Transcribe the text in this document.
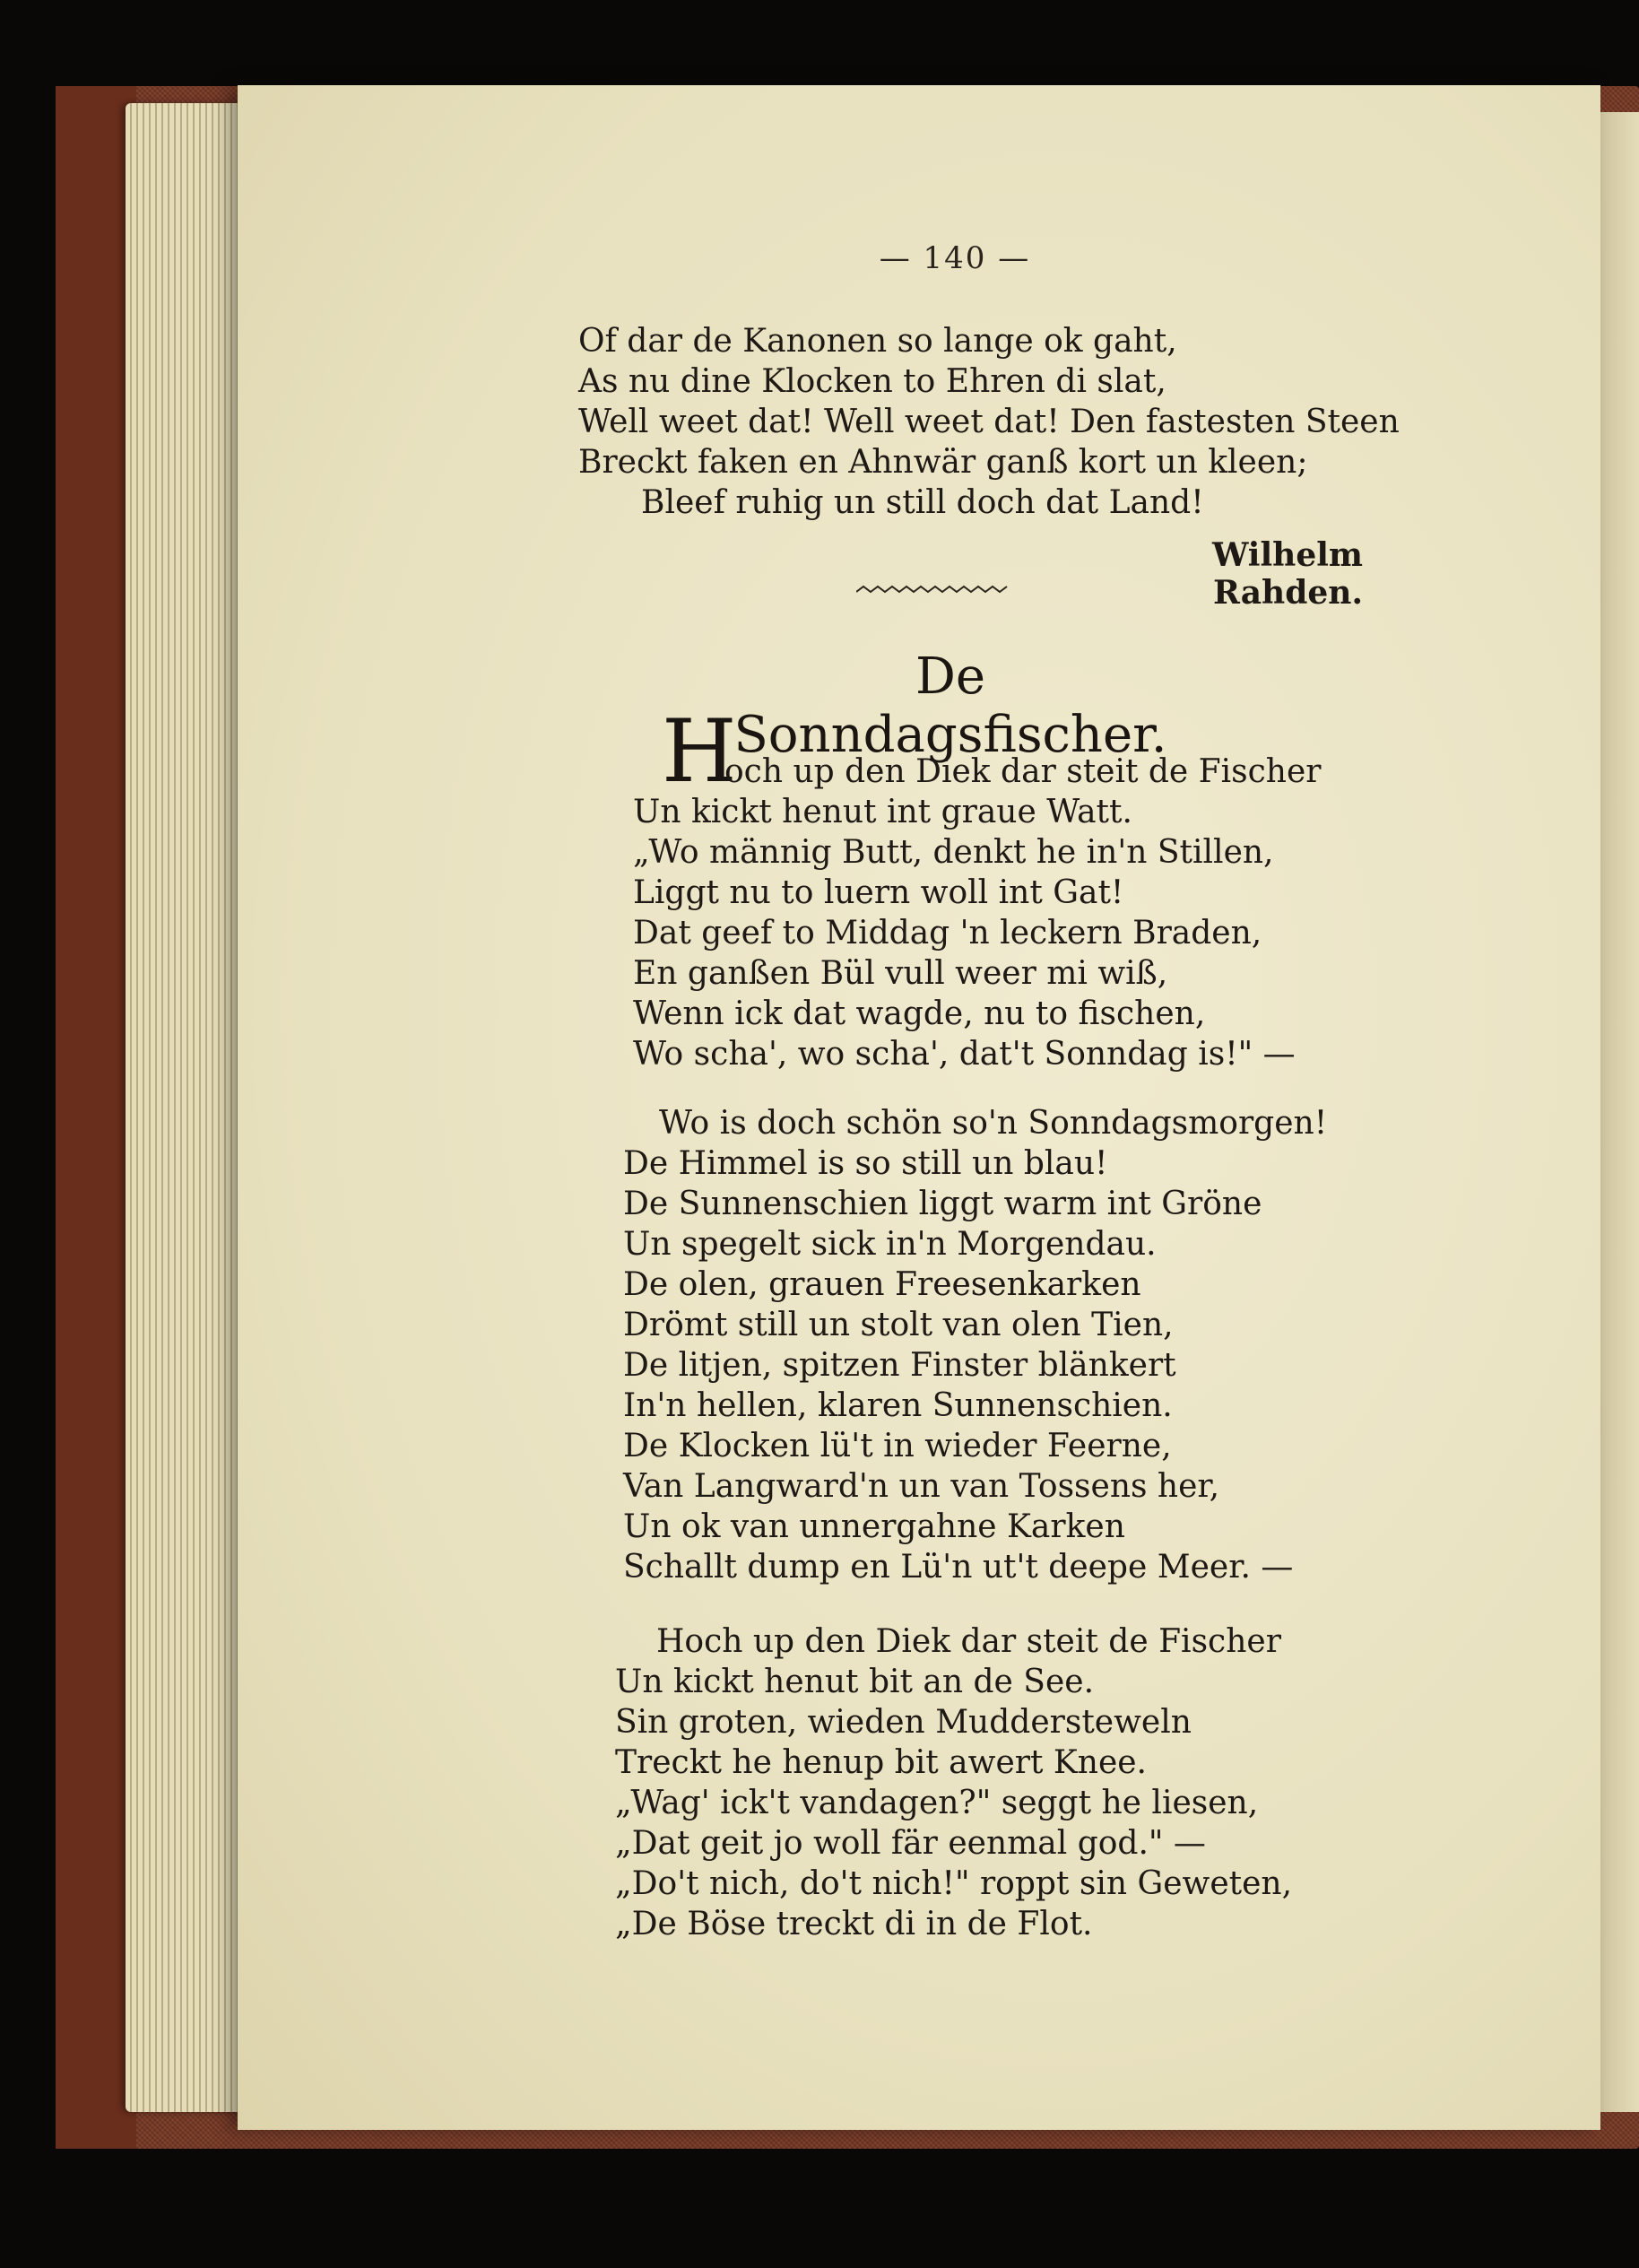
— 140 —
Of dar de Kanonen so lange ok gaht,
As nu dine Klocken to Ehren di slat,
Well weet dat! Well weet dat! Den fastesten Steen
Breckt faken en Ahnwär ganß kort un kleen;
Bleef ruhig un still doch dat Land!
Wilhelm Rahden.
De Sonndagsfischer.
H
och up den Diek dar steit de Fischer
Un kickt henut int graue Watt.
„Wo männig Butt, denkt he in'n Stillen,
Liggt nu to luern woll int Gat!
Dat geef to Middag 'n leckern Braden,
En ganßen Bül vull weer mi wiß,
Wenn ick dat wagde, nu to fischen,
Wo scha', wo scha', dat't Sonndag is!" —
Wo is doch schön so'n Sonndagsmorgen!
De Himmel is so still un blau!
De Sunnenschien liggt warm int Gröne
Un spegelt sick in'n Morgendau.
De olen, grauen Freesenkarken
Drömt still un stolt van olen Tien,
De litjen, spitzen Finster blänkert
In'n hellen, klaren Sunnenschien.
De Klocken lü't in wieder Feerne,
Van Langward'n un van Tossens her,
Un ok van unnergahne Karken
Schallt dump en Lü'n ut't deepe Meer. —
Hoch up den Diek dar steit de Fischer
Un kickt henut bit an de See.
Sin groten, wieden Muddersteweln
Treckt he henup bit awert Knee.
„Wag' ick't vandagen?" seggt he liesen,
„Dat geit jo woll fär eenmal god." —
„Do't nich, do't nich!" roppt sin Geweten,
„De Böse treckt di in de Flot.
